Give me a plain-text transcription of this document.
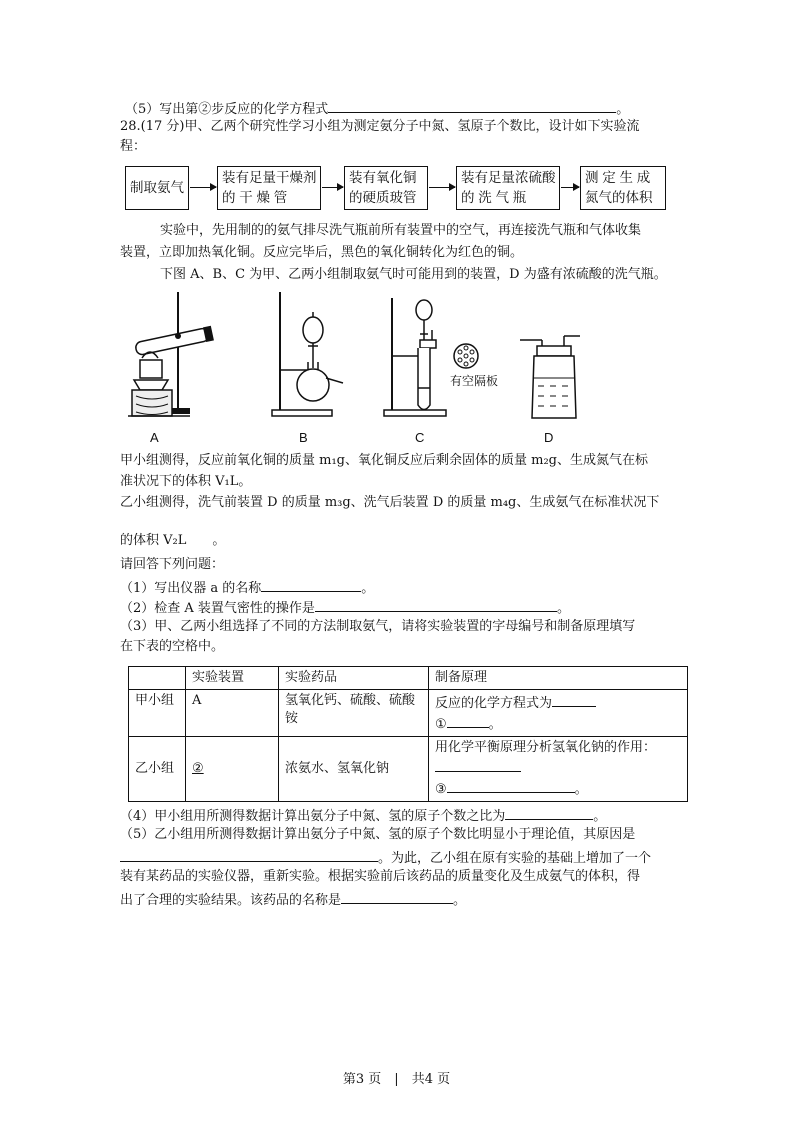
（5）写出第②步反应的化学方程式	。
28.(17 分)甲、乙两个研究性学习小组为测定氨分子中氮、氢原子个数比，设计如下实验流
程：
制取氨气
装有足量干燥剂
的 干 燥 管
装有氧化铜
的硬质玻管
装有足量浓硫酸
的 洗 气 瓶
测 定 生 成
氮气的体积
实验中，先用制的的氨气排尽洗气瓶前所有装置中的空气，再连接洗气瓶和气体收集
装置，立即加热氧化铜。反应完毕后，黑色的氧化铜转化为红色的铜。
下图 A、B、C 为甲、乙两小组制取氨气时可能用到的装置，D 为盛有浓硫酸的洗气瓶。
有空隔板
A	B	C	D
甲小组测得，反应前氧化铜的质量 m₁g、氧化铜反应后剩余固体的质量 m₂g、生成氮气在标
准状况下的体积 V₁L。
乙小组测得，洗气前装置 D 的质量 m₃g、洗气后装置 D 的质量 m₄g、生成氨气在标准状况下
的体积 V₂L　　。
请回答下列问题：
（1）写出仪器 a 的名称	。
（2）检查 A 装置气密性的操作是	。
（3）甲、乙两小组选择了不同的方法制取氨气，请将实验装置的字母编号和制备原理填写
在下表的空格中。
	实验装置	实验药品	制备原理
甲小组	A	氢氧化钙、硫酸、硫酸铵	反应的化学方程式为
① 。

乙小组	②	浓氨水、氢氧化钠	用化学平衡原理分析氢氧化钠的作用：
③ 。
（4）甲小组用所测得数据计算出氨分子中氮、氢的原子个数之比为	。
（5）乙小组用所测得数据计算出氨分子中氮、氢的原子个数比明显小于理论值，其原因是
。为此，乙小组在原有实验的基础上增加了一个
装有某药品的实验仪器，重新实验。根据实验前后该药品的质量变化及生成氨气的体积，得
出了合理的实验结果。该药品的名称是	。
第3 页　|　共4 页
